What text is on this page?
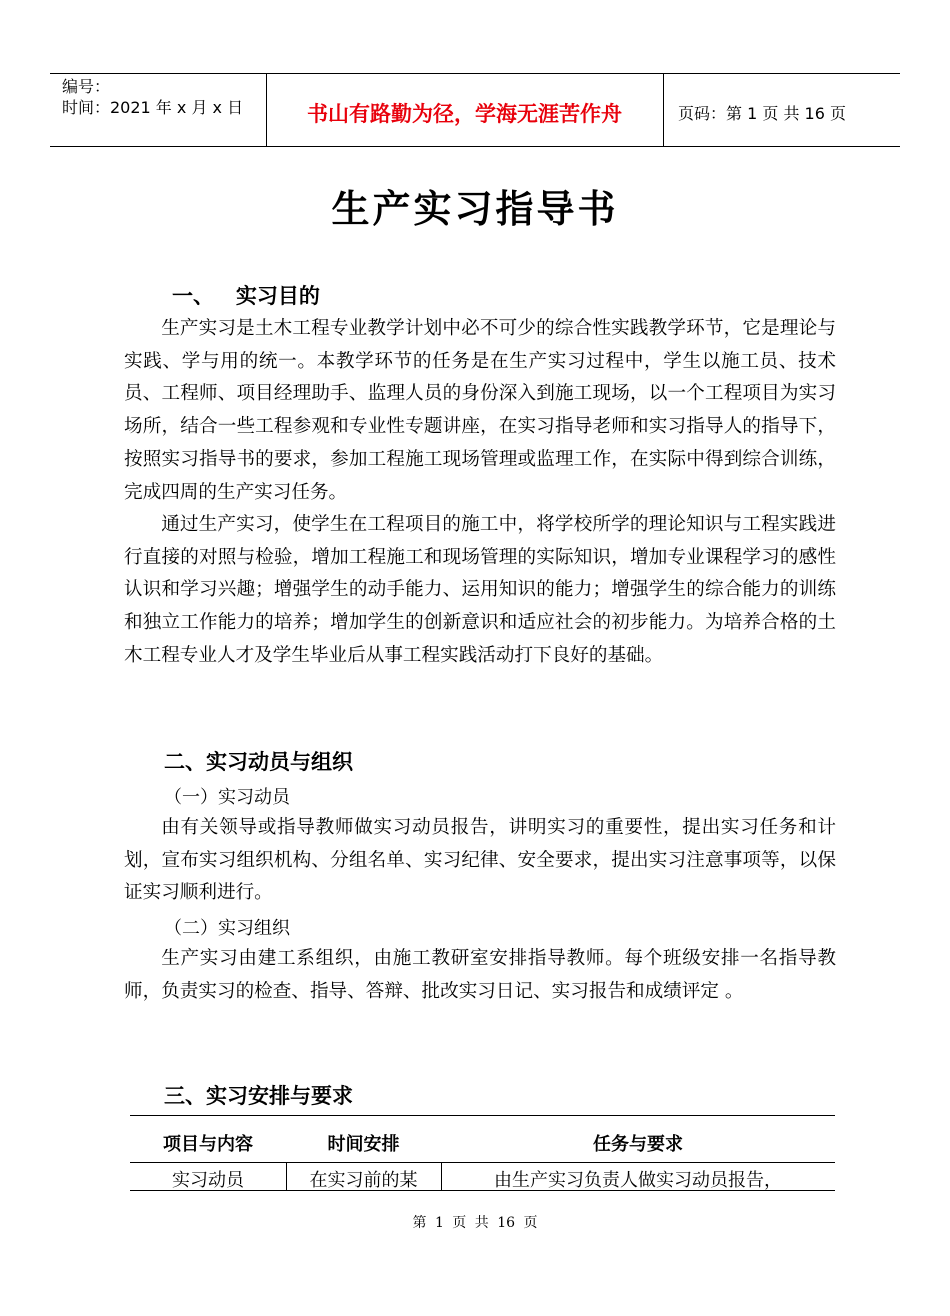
编号：
时间：2021 年 x 月 x 日	书山有路勤为径，学海无涯苦作舟	页码：第 1 页 共 16 页
生产实习指导书
一、   实习目的
生产实习是土木工程专业教学计划中必不可少的综合性实践教学环节，它是理论与实践、学与用的统一。本教学环节的任务是在生产实习过程中，学生以施工员、技术员、工程师、项目经理助手、监理人员的身份深入到施工现场，以一个工程项目为实习场所，结合一些工程参观和专业性专题讲座，在实习指导老师和实习指导人的指导下，按照实习指导书的要求，参加工程施工现场管理或监理工作，在实际中得到综合训练，完成四周的生产实习任务。
通过生产实习，使学生在工程项目的施工中，将学校所学的理论知识与工程实践进行直接的对照与检验，增加工程施工和现场管理的实际知识，增加专业课程学习的感性认识和学习兴趣；增强学生的动手能力、运用知识的能力；增强学生的综合能力的训练和独立工作能力的培养；增加学生的创新意识和适应社会的初步能力。为培养合格的土木工程专业人才及学生毕业后从事工程实践活动打下良好的基础。
二、实习动员与组织
（一）实习动员
由有关领导或指导教师做实习动员报告，讲明实习的重要性，提出实习任务和计划，宣布实习组织机构、分组名单、实习纪律、安全要求，提出实习注意事项等，以保证实习顺利进行。
（二）实习组织
生产实习由建工系组织，由施工教研室安排指导教师。每个班级安排一名指导教师，负责实习的检查、指导、答辩、批改实习日记、实习报告和成绩评定 。
三、实习安排与要求
项目与内容	时间安排	任务与要求
实习动员	在实习前的某	由生产实习负责人做实习动员报告，
第 1 页 共 16 页
